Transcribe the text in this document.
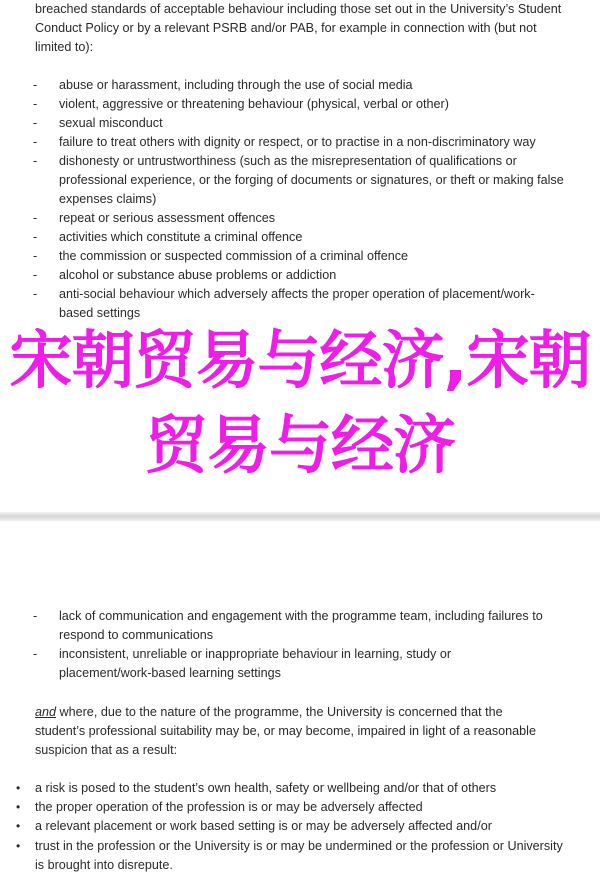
breached standards of acceptable behaviour including those set out in the University’s Student
Conduct Policy or by a relevant PSRB and/or PAB, for example in connection with (but not
limited to):
- abuse or harassment, including through the use of social media
- violent, aggressive or threatening behaviour (physical, verbal or other)
- sexual misconduct
- failure to treat others with dignity or respect, or to practise in a non-discriminatory way
- dishonesty or untrustworthiness (such as the misrepresentation of qualifications or professional experience, or the forging of documents or signatures, or theft or making false expenses claims)
- repeat or serious assessment offences
- activities which constitute a criminal offence
- the commission or suspected commission of a criminal offence
- alcohol or substance abuse problems or addiction
- anti-social behaviour which adversely affects the proper operation of placement/work-based settings
- lack of communication and engagement with the programme team, including failures to respond to communications
- inconsistent, unreliable or inappropriate behaviour in learning, study or placement/work-based learning settings

and where, due to the nature of the programme, the University is concerned that the student’s professional suitability may be, or may become, impaired in light of a reasonable suspicion that as a result:

• a risk is posed to the student’s own health, safety or wellbeing and/or that of others
• the proper operation of the profession is or may be adversely affected
• a relevant placement or work based setting is or may be adversely affected and/or
• trust in the profession or the University is or may be undermined or the profession or University is brought into disrepute.
宋朝贸易与经济,宋朝贸易与经济
